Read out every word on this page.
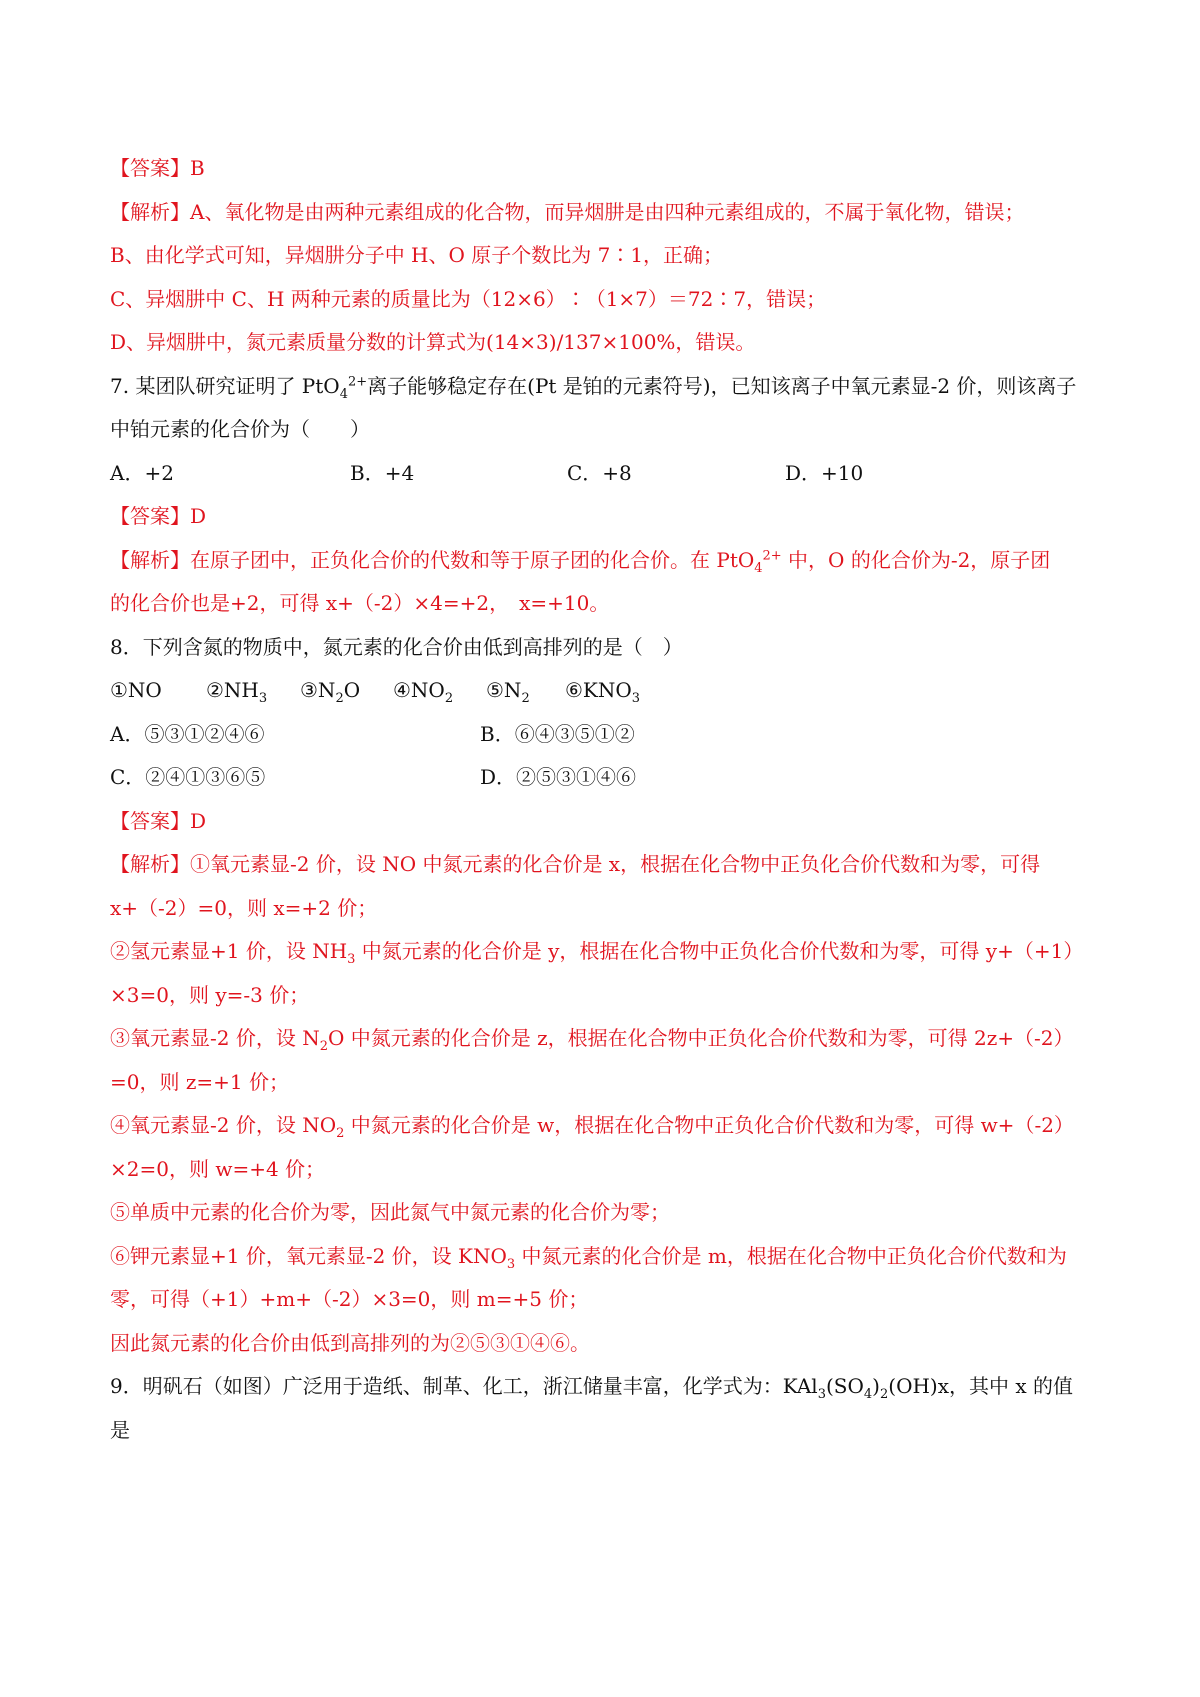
【答案】B
【解析】A、氧化物是由两种元素组成的化合物，而异烟肼是由四种元素组成的，不属于氧化物，错误；
B、由化学式可知，异烟肼分子中 H、O 原子个数比为 7∶1，正确；
C、异烟肼中 C、H 两种元素的质量比为（12×6）∶（1×7）＝72∶7，错误；
D、异烟肼中，氮元素质量分数的计算式为(14×3)/137×100%，错误。
7. 某团队研究证明了 PtO$_4^{2+}$离子能够稳定存在(Pt 是铂的元素符号)，已知该离子中氧元素显-2 价，则该离子
中铂元素的化合价为（　　）
A．+2	B．+4	C．+8	D．+10
【答案】D
【解析】在原子团中，正负化合价的代数和等于原子团的化合价。在 PtO$_4^{2+}$ 中，O 的化合价为-2，原子团
的化合价也是+2，可得 x+（-2）×4=+2，　x=+10。
8．下列含氮的物质中，氮元素的化合价由低到高排列的是（　）
①NO $②NH_3$ $③N_2O$ $④NO_2$ $⑤N_2$ $⑥KNO_3$
A．⑤③①②④⑥	B．⑥④③⑤①②
C．②④①③⑥⑤	D．②⑤③①④⑥
【答案】D
【解析】①氧元素显-2 价，设 NO 中氮元素的化合价是 x，根据在化合物中正负化合价代数和为零，可得
x+（-2）=0，则 x=+2 价；
②氢元素显+1 价，设 $NH_3$ 中氮元素的化合价是 y，根据在化合物中正负化合价代数和为零，可得 y+（+1）
×3=0，则 y=-3 价；
③氧元素显-2 价，设 $N_2O$ 中氮元素的化合价是 z，根据在化合物中正负化合价代数和为零，可得 2z+（-2）
=0，则 z=+1 价；
④氧元素显-2 价，设 $NO_2$ 中氮元素的化合价是 w，根据在化合物中正负化合价代数和为零，可得 w+（-2）
×2=0，则 w=+4 价；
⑤单质中元素的化合价为零，因此氮气中氮元素的化合价为零；
⑥钾元素显+1 价，氧元素显-2 价，设 $KNO_3$ 中氮元素的化合价是 m，根据在化合物中正负化合价代数和为
零，可得（+1）+m+（-2）×3=0，则 m=+5 价；
因此氮元素的化合价由低到高排列的为②⑤③①④⑥。
9．明矾石（如图）广泛用于造纸、制革、化工，浙江储量丰富，化学式为：$KAl_3(SO_4)_2(OH)x$，其中 x 的值
是
